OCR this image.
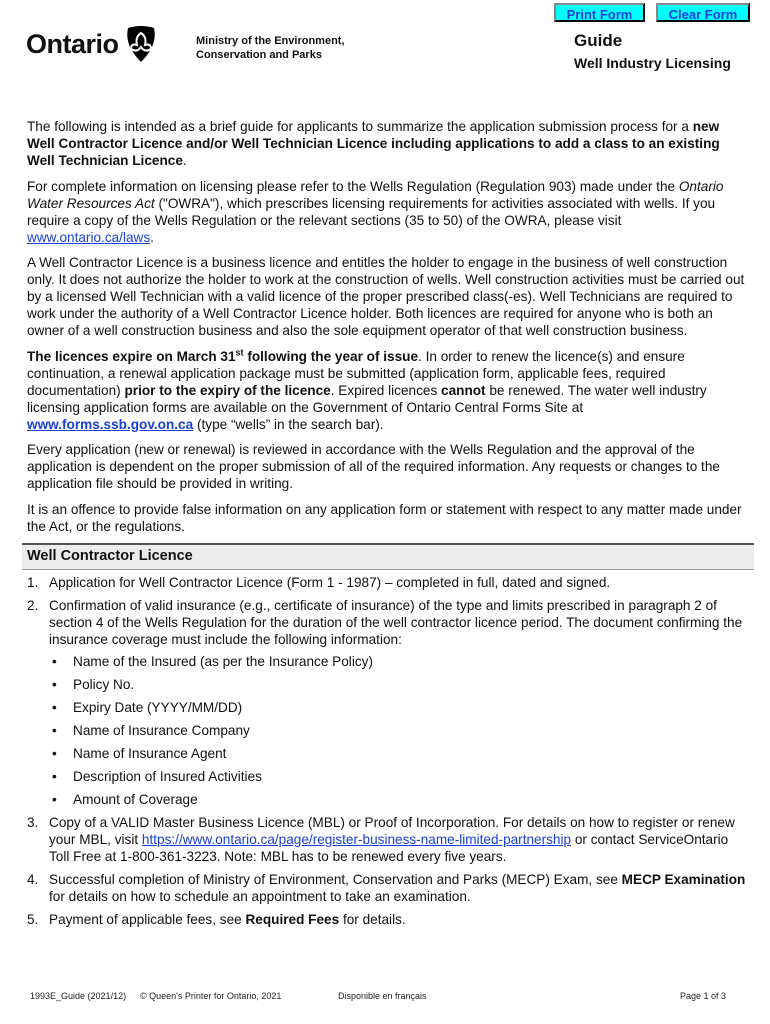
Print Form	Clear Form
Ontario	Ministry of the Environment,
Conservation and Parks
Guide
Well Industry Licensing

The following is intended as a brief guide for applicants to summarize the application submission process for a new Well Contractor Licence and/or Well Technician Licence including applications to add a class to an existing Well Technician Licence.

For complete information on licensing please refer to the Wells Regulation (Regulation 903) made under the Ontario Water Resources Act ("OWRA"), which prescribes licensing requirements for activities associated with wells. If you require a copy of the Wells Regulation or the relevant sections (35 to 50) of the OWRA, please visit www.ontario.ca/laws.

A Well Contractor Licence is a business licence and entitles the holder to engage in the business of well construction only. It does not authorize the holder to work at the construction of wells. Well construction activities must be carried out by a licensed Well Technician with a valid licence of the proper prescribed class(-es). Well Technicians are required to work under the authority of a Well Contractor Licence holder. Both licences are required for anyone who is both an owner of a well construction business and also the sole equipment operator of that well construction business.

The licences expire on March 31st following the year of issue. In order to renew the licence(s) and ensure continuation, a renewal application package must be submitted (application form, applicable fees, required documentation) prior to the expiry of the licence. Expired licences cannot be renewed. The water well industry licensing application forms are available on the Government of Ontario Central Forms Site at www.forms.ssb.gov.on.ca (type “wells” in the search bar).

Every application (new or renewal) is reviewed in accordance with the Wells Regulation and the approval of the application is dependent on the proper submission of all of the required information. Any requests or changes to the application file should be provided in writing.

It is an offence to provide false information on any application form or statement with respect to any matter made under the Act, or the regulations.

Well Contractor Licence
1. Application for Well Contractor Licence (Form 1 - 1987) – completed in full, dated and signed.
2. Confirmation of valid insurance (e.g., certificate of insurance) of the type and limits prescribed in paragraph 2 of section 4 of the Wells Regulation for the duration of the well contractor licence period. The document confirming the insurance coverage must include the following information:
• Name of the Insured (as per the Insurance Policy)
• Policy No.
• Expiry Date (YYYY/MM/DD)
• Name of Insurance Company
• Name of Insurance Agent
• Description of Insured Activities
• Amount of Coverage
3. Copy of a VALID Master Business Licence (MBL) or Proof of Incorporation. For details on how to register or renew your MBL, visit https://www.ontario.ca/page/register-business-name-limited-partnership or contact ServiceOntario Toll Free at 1-800-361-3223. Note: MBL has to be renewed every five years.
4. Successful completion of Ministry of Environment, Conservation and Parks (MECP) Exam, see MECP Examination for details on how to schedule an appointment to take an examination.
5. Payment of applicable fees, see Required Fees for details.
1993E_Guide (2021/12) © Queen's Printer for Ontario, 2021	Disponible en français	Page 1 of 3
